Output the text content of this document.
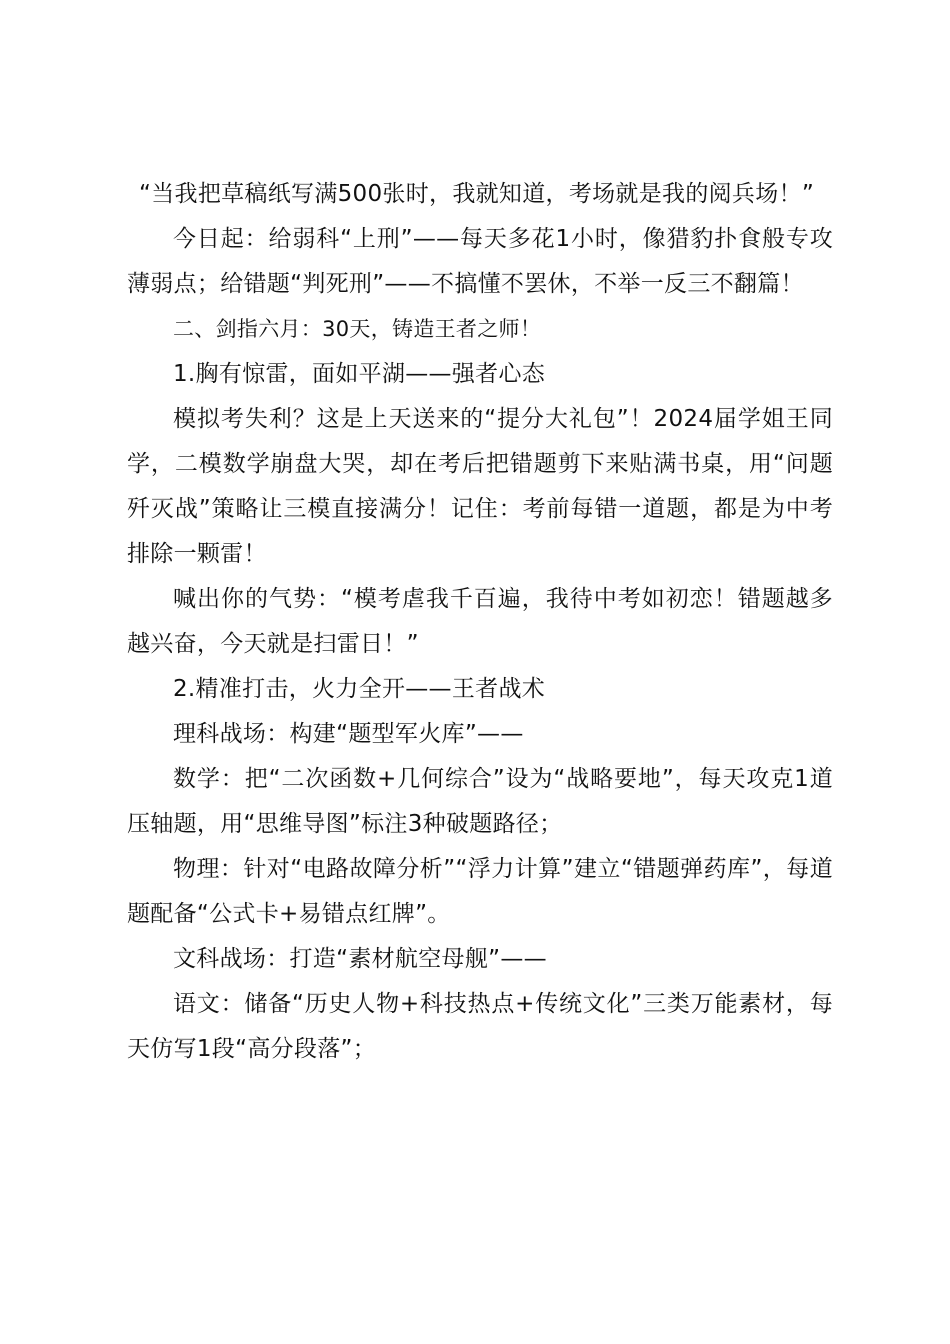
“当我把草稿纸写满500张时，我就知道，考场就是我的阅兵场！”

今日起：给弱科“上刑”——每天多花1小时，像猎豹扑食般专攻薄弱点；给错题“判死刑”——不搞懂不罢休，不举一反三不翻篇！

二、剑指六月：30天，铸造王者之师！

1.胸有惊雷，面如平湖——强者心态

模拟考失利？这是上天送来的“提分大礼包”！2024届学姐王同学，二模数学崩盘大哭，却在考后把错题剪下来贴满书桌，用“问题歼灭战”策略让三模直接满分！记住：考前每错一道题，都是为中考排除一颗雷！

喊出你的气势：“模考虐我千百遍，我待中考如初恋！错题越多越兴奋，今天就是扫雷日！”

2.精准打击，火力全开——王者战术

理科战场：构建“题型军火库”——

数学：把“二次函数+几何综合”设为“战略要地”，每天攻克1道压轴题，用“思维导图”标注3种破题路径；

物理：针对“电路故障分析”“浮力计算”建立“错题弹药库”，每道题配备“公式卡+易错点红牌”。

文科战场：打造“素材航空母舰”——

语文：储备“历史人物+科技热点+传统文化”三类万能素材，每天仿写1段“高分段落”；
